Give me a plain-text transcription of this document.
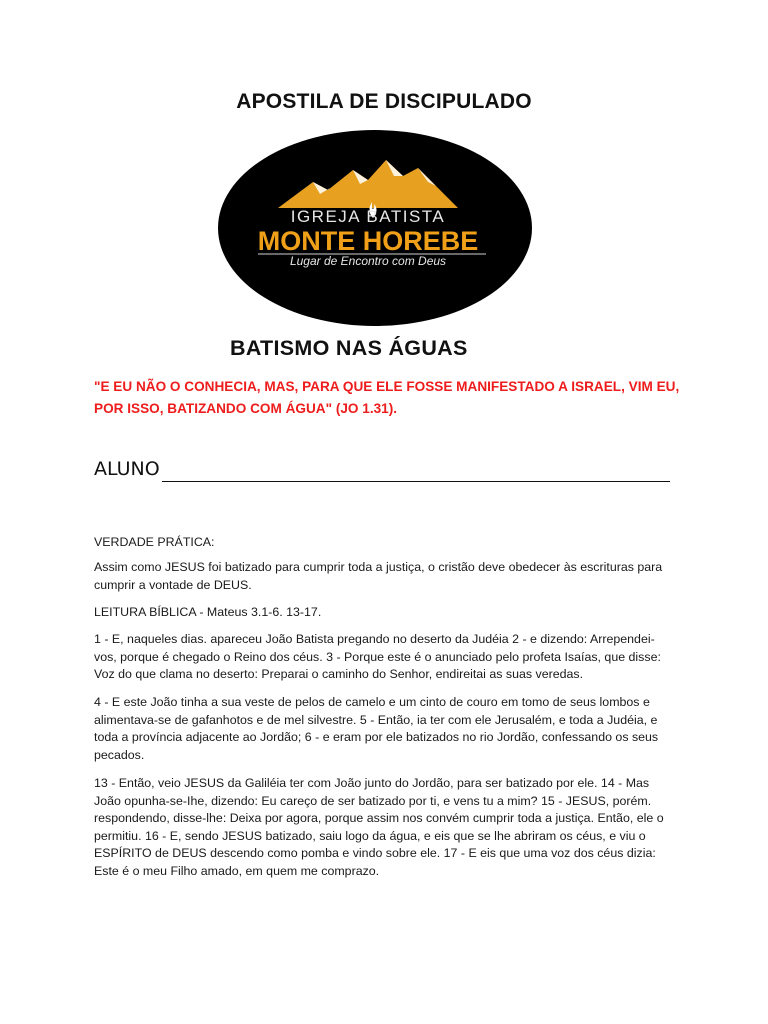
APOSTILA DE DISCIPULADO
IGREJA BATISTA
MONTE HOREBE
Lugar de Encontro com Deus
BATISMO NAS ÁGUAS

"E EU NÃO O CONHECIA, MAS, PARA QUE ELE FOSSE MANIFESTADO A ISRAEL, VIM EU, POR ISSO, BATIZANDO COM ÁGUA" (JO 1.31).

ALUNO

VERDADE PRÁTICA:

Assim como JESUS foi batizado para cumprir toda a justiça, o cristão deve obedecer às escrituras para cumprir a vontade de DEUS.

LEITURA BÍBLICA - Mateus 3.1-6. 13-17.

1 - E, naqueles dias. apareceu João Batista pregando no deserto da Judéia 2 - e dizendo: Arrependei-vos, porque é chegado o Reino dos céus. 3 - Porque este é o anunciado pelo profeta Isaías, que disse: Voz do que clama no deserto: Preparai o caminho do Senhor, endireitai as suas veredas.

4 - E este João tinha a sua veste de pelos de camelo e um cinto de couro em tomo de seus lombos e alimentava-se de gafanhotos e de mel silvestre. 5 - Então, ia ter com ele Jerusalém, e toda a Judéia, e toda a província adjacente ao Jordão; 6 - e eram por ele batizados no rio Jordão, confessando os seus pecados.

13 - Então, veio JESUS da Galiléia ter com João junto do Jordão, para ser batizado por ele. 14 - Mas João opunha-se-Ihe, dizendo: Eu careço de ser batizado por ti, e vens tu a mim? 15 - JESUS, porém. respondendo, disse-lhe: Deixa por agora, porque assim nos convém cumprir toda a justiça. Então, ele o permitiu. 16 - E, sendo JESUS batizado, saiu logo da água, e eis que se lhe abriram os céus, e viu o ESPÍRITO de DEUS descendo como pomba e vindo sobre ele. 17 - E eis que uma voz dos céus dizia: Este é o meu Filho amado, em quem me comprazo.
